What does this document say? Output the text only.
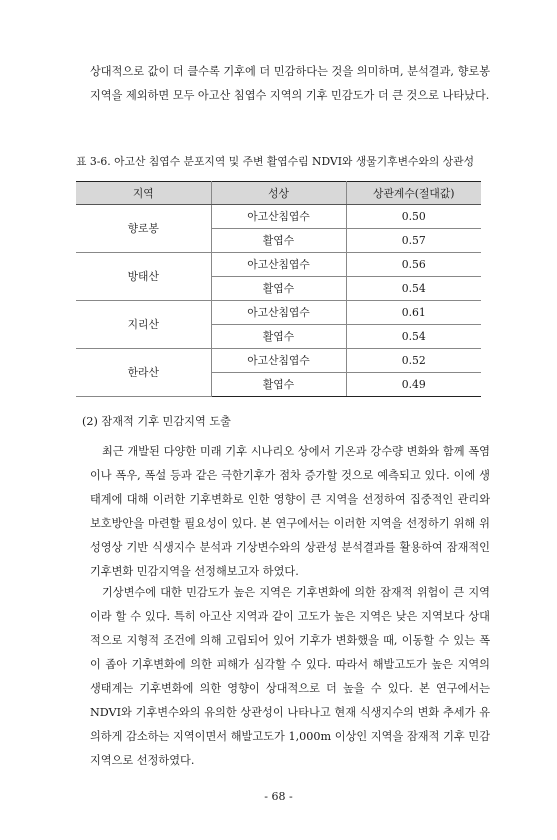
상대적으로 값이 더 클수록 기후에 더 민감하다는 것을 의미하며, 분석결과, 향로봉 지역을 제외하면 모두 아고산 침엽수 지역의 기후 민감도가 더 큰 것으로 나타났다.

표 3-6. 아고산 침엽수 분포지역 및 주변 활엽수림 NDVI와 생물기후변수와의 상관성
지역	성상	상관계수(절대값)
향로봉	아고산침엽수	0.50
	활엽수	0.57
방태산	아고산침엽수	0.56
	활엽수	0.54
지리산	아고산침엽수	0.61
	활엽수	0.54
한라산	아고산침엽수	0.52
	활엽수	0.49
(2) 잠재적 기후 민감지역 도출

최근 개발된 다양한 미래 기후 시나리오 상에서 기온과 강수량 변화와 함께 폭염이나 폭우, 폭설 등과 같은 극한기후가 점차 증가할 것으로 예측되고 있다. 이에 생태계에 대해 이러한 기후변화로 인한 영향이 큰 지역을 선정하여 집중적인 관리와 보호방안을 마련할 필요성이 있다. 본 연구에서는 이러한 지역을 선정하기 위해 위성영상 기반 식생지수 분석과 기상변수와의 상관성 분석결과를 활용하여 잠재적인 기후변화 민감지역을 선정해보고자 하였다.

기상변수에 대한 민감도가 높은 지역은 기후변화에 의한 잠재적 위험이 큰 지역이라 할 수 있다. 특히 아고산 지역과 같이 고도가 높은 지역은 낮은 지역보다 상대적으로 지형적 조건에 의해 고립되어 있어 기후가 변화했을 때, 이동할 수 있는 폭이 좁아 기후변화에 의한 피해가 심각할 수 있다. 따라서 해발고도가 높은 지역의 생태계는 기후변화에 의한 영향이 상대적으로 더 높을 수 있다. 본 연구에서는 NDVI와 기후변수와의 유의한 상관성이 나타나고 현재 식생지수의 변화 추세가 유의하게 감소하는 지역이면서 해발고도가 1,000m 이상인 지역을 잠재적 기후 민감지역으로 선정하였다.

- 68 -
